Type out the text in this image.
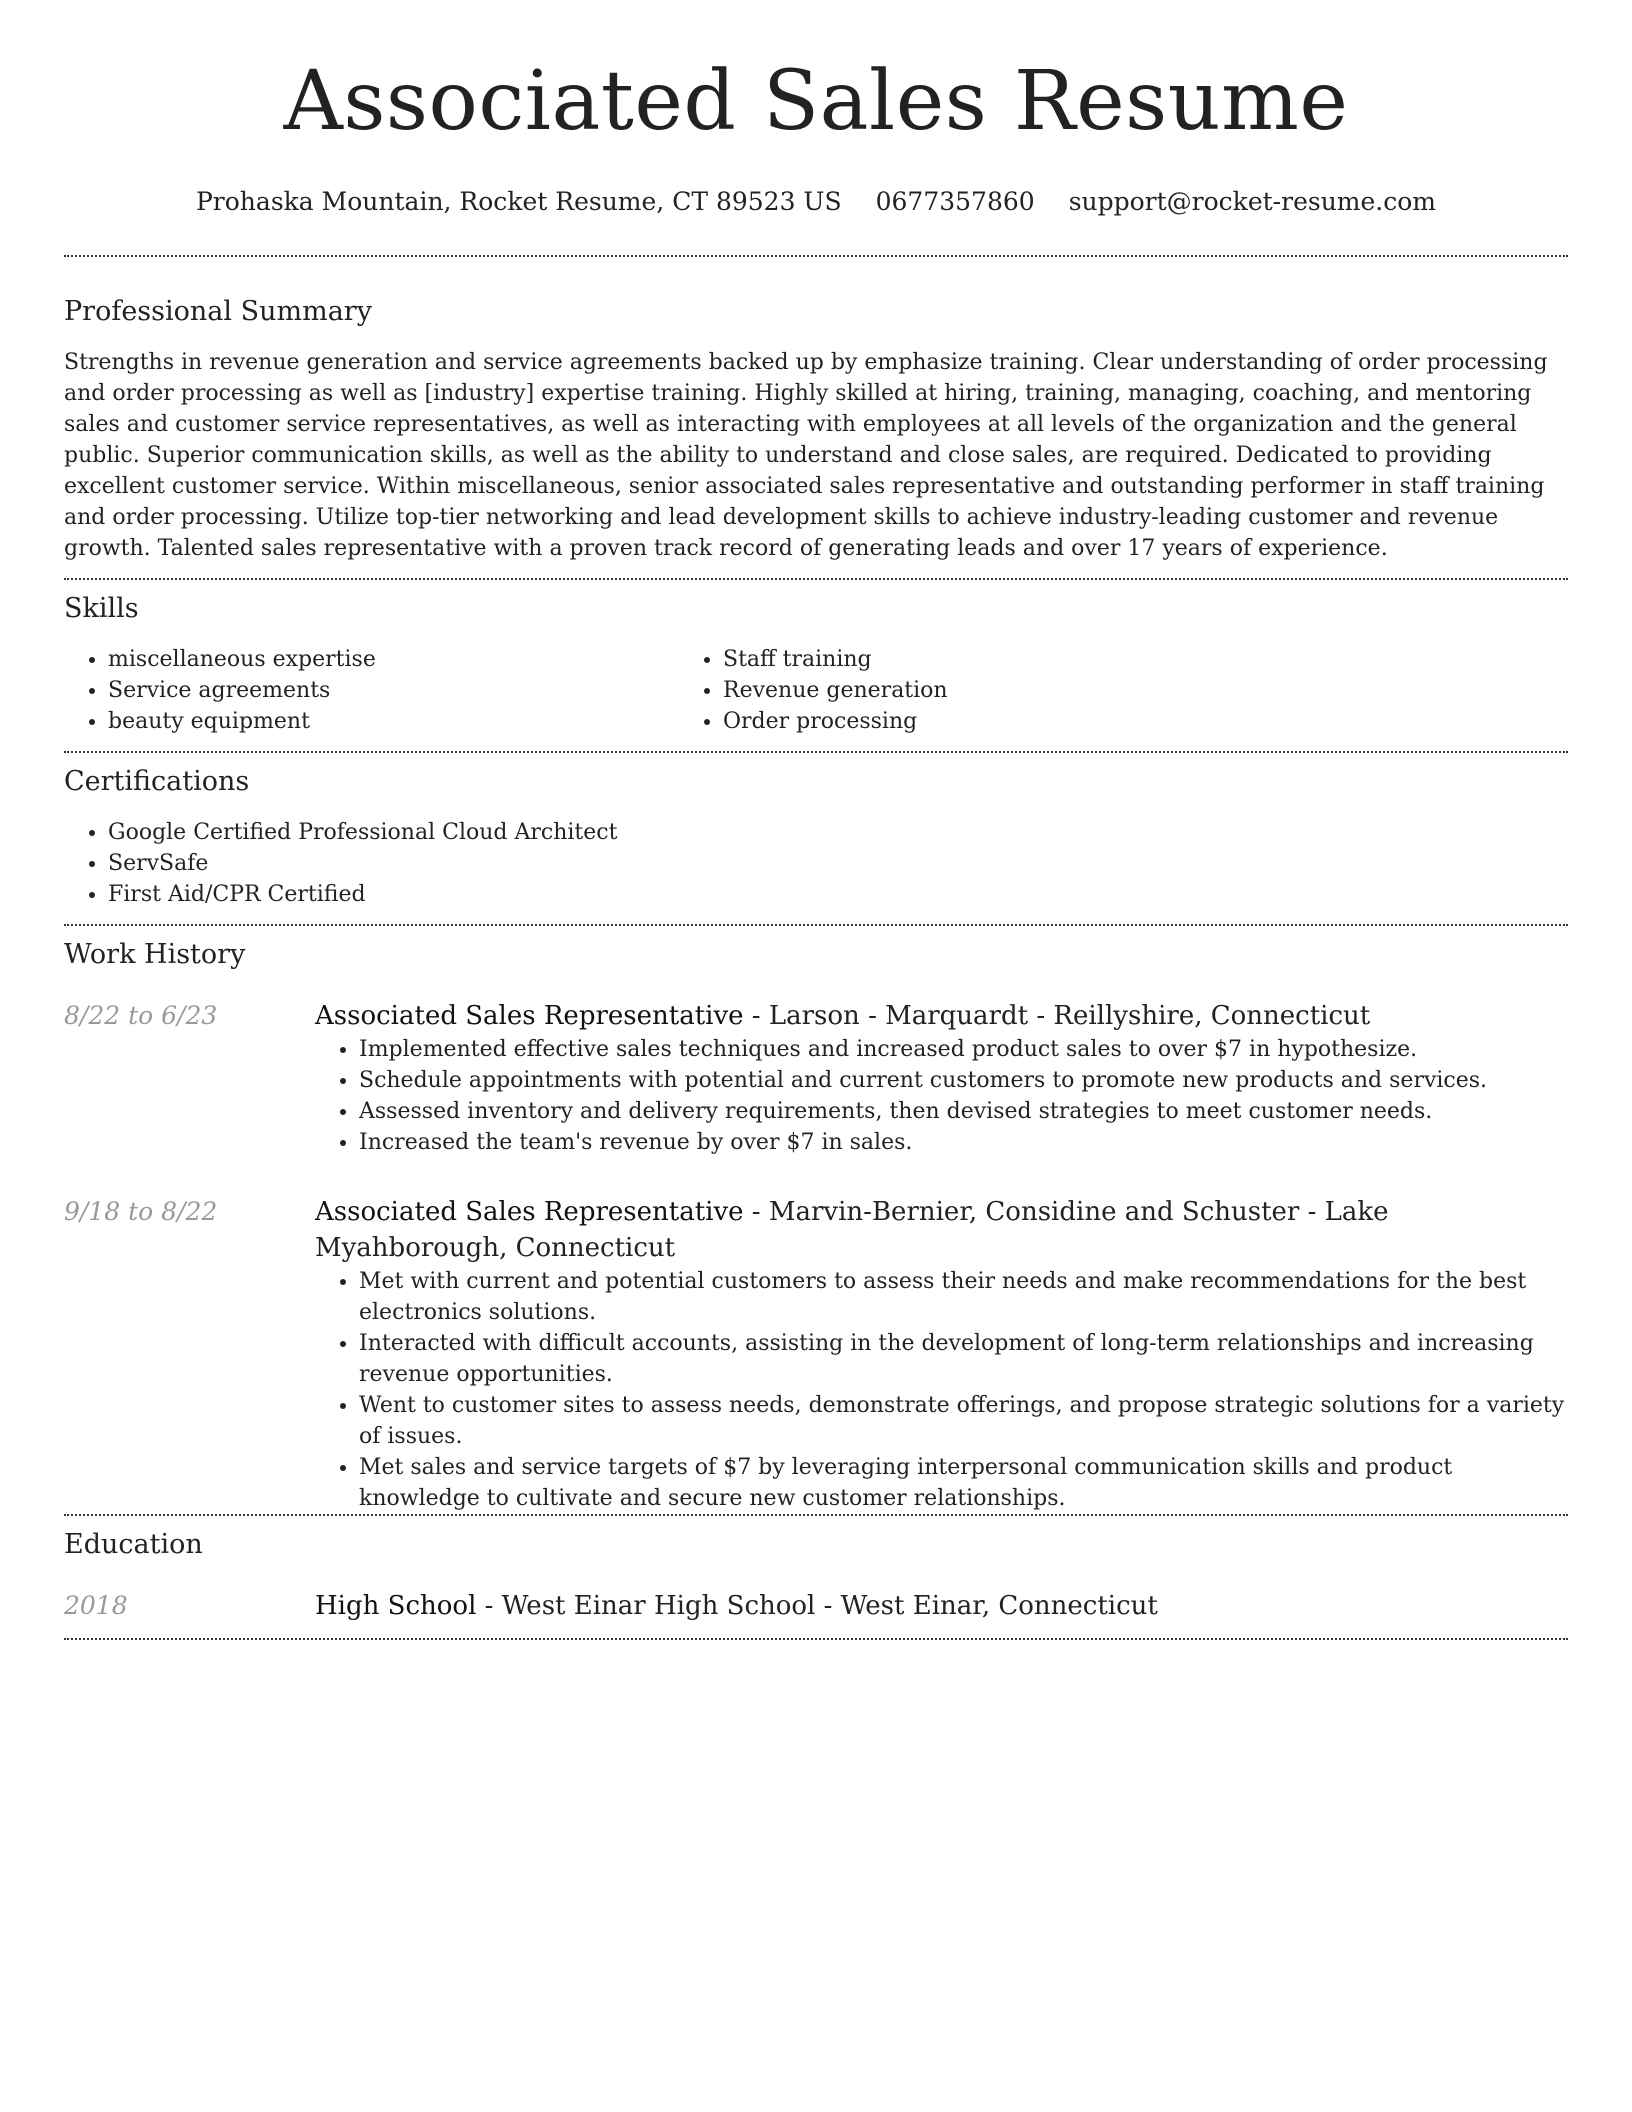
Associated Sales Resume
Prohaska Mountain, Rocket Resume, CT 89523 US 0677357860 support@rocket-resume.com
Professional Summary

Strengths in revenue generation and service agreements backed up by emphasize training. Clear understanding of order processing and order processing as well as [industry] expertise training. Highly skilled at hiring, training, managing, coaching, and mentoring sales and customer service representatives, as well as interacting with employees at all levels of the organization and the general public. Superior communication skills, as well as the ability to understand and close sales, are required. Dedicated to providing excellent customer service. Within miscellaneous, senior associated sales representative and outstanding performer in staff training and order processing. Utilize top-tier networking and lead development skills to achieve industry-leading customer and revenue growth. Talented sales representative with a proven track record of generating leads and over 17 years of experience.

Skills
• miscellaneous expertise
• Service agreements
• beauty equipment
• Staff training
• Revenue generation
• Order processing
Certifications
• Google Certified Professional Cloud Architect
• ServSafe
• First Aid/CPR Certified
Work History
8/22 to 6/23	Associated Sales Representative - Larson - Marquardt - Reillyshire, Connecticut

• Implemented effective sales techniques and increased product sales to over $7 in hypothesize.
• Schedule appointments with potential and current customers to promote new products and services.
• Assessed inventory and delivery requirements, then devised strategies to meet customer needs.
• Increased the team's revenue by over $7 in sales.
9/18 to 8/22	Associated Sales Representative - Marvin-Bernier, Considine and Schuster - Lake Myahborough, Connecticut

• Met with current and potential customers to assess their needs and make recommendations for the best electronics solutions.
• Interacted with difficult accounts, assisting in the development of long-term relationships and increasing revenue opportunities.
• Went to customer sites to assess needs, demonstrate offerings, and propose strategic solutions for a variety of issues.
• Met sales and service targets of $7 by leveraging interpersonal communication skills and product knowledge to cultivate and secure new customer relationships.
Education
2018	High School - West Einar High School - West Einar, Connecticut
